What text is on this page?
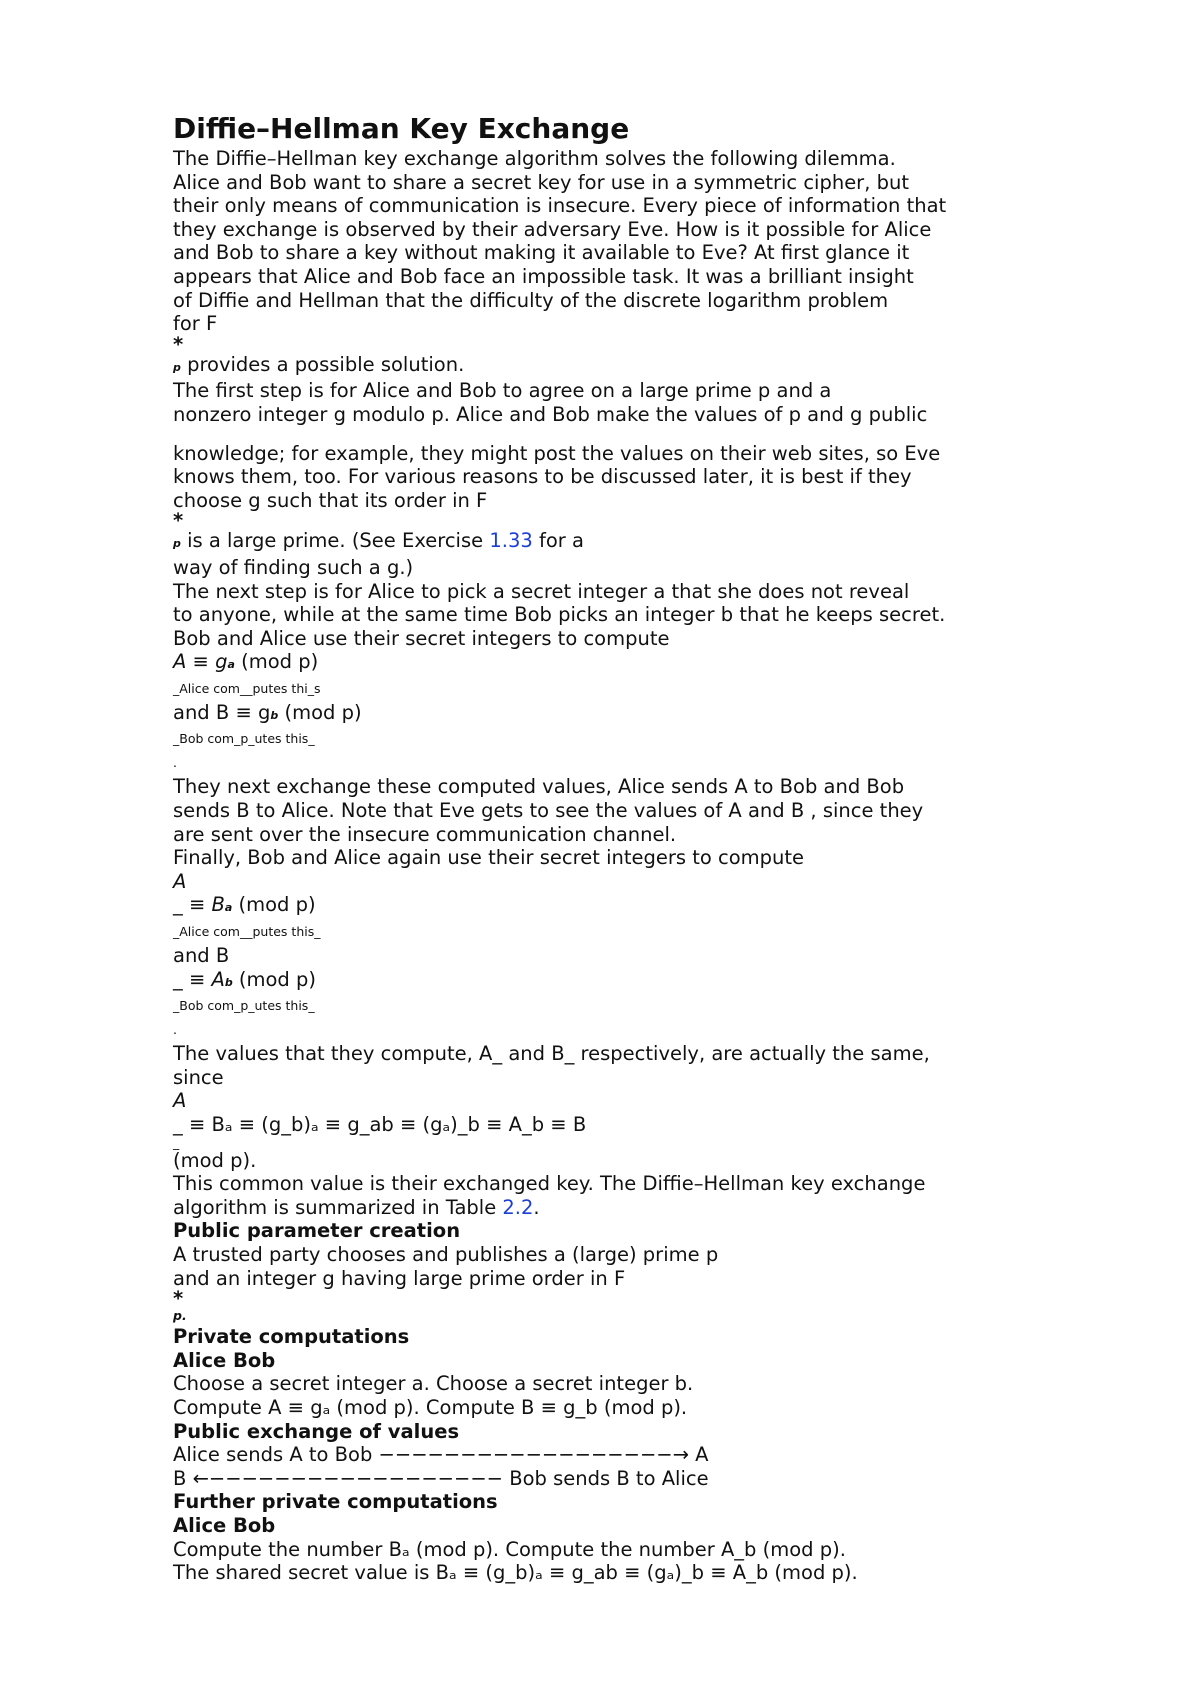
Diffie–Hellman Key Exchange
The Diffie–Hellman key exchange algorithm solves the following dilemma.
Alice and Bob want to share a secret key for use in a symmetric cipher, but
their only means of communication is insecure. Every piece of information that
they exchange is observed by their adversary Eve. How is it possible for Alice
and Bob to share a key without making it available to Eve? At first glance it
appears that Alice and Bob face an impossible task. It was a brilliant insight
of Diffie and Hellman that the difficulty of the discrete logarithm problem
for F
*
p provides a possible solution.
The first step is for Alice and Bob to agree on a large prime p and a
nonzero integer g modulo p. Alice and Bob make the values of p and g public
knowledge; for example, they might post the values on their web sites, so Eve
knows them, too. For various reasons to be discussed later, it is best if they
choose g such that its order in F
*
p is a large prime. (See Exercise 1.33 for a
way of finding such a g.)
The next step is for Alice to pick a secret integer a that she does not reveal
to anyone, while at the same time Bob picks an integer b that he keeps secret.
Bob and Alice use their secret integers to compute
A ≡ ga (mod p)
_Alice com__putes thi_s
and B ≡ gb (mod p)
_Bob com_p_utes this_
.
They next exchange these computed values, Alice sends A to Bob and Bob
sends B to Alice. Note that Eve gets to see the values of A and B , since they
are sent over the insecure communication channel.
Finally, Bob and Alice again use their secret integers to compute
A
_ ≡ Ba (mod p)
_Alice com__putes this_
and B
_ ≡ Ab (mod p)
_Bob com_p_utes this_
.
The values that they compute, A_ and B_ respectively, are actually the same,
since
A
_ ≡ Bₐ ≡ (g_b)ₐ ≡ g_ab ≡ (gₐ)_b ≡ A_b ≡ B
_
(mod p).
This common value is their exchanged key. The Diffie–Hellman key exchange
algorithm is summarized in Table 2.2.
Public parameter creation
A trusted party chooses and publishes a (large) prime p
and an integer g having large prime order in F
*
p.
Private computations
Alice Bob
Choose a secret integer a. Choose a secret integer b.
Compute A ≡ gₐ (mod p). Compute B ≡ g_b (mod p).
Public exchange of values
Alice sends A to Bob −−−−−−−−−−−−−−−−−−→ A
B ←−−−−−−−−−−−−−−−−−− Bob sends B to Alice
Further private computations
Alice Bob
Compute the number Bₐ (mod p). Compute the number A_b (mod p).
The shared secret value is Bₐ ≡ (g_b)ₐ ≡ g_ab ≡ (gₐ)_b ≡ A_b (mod p).
